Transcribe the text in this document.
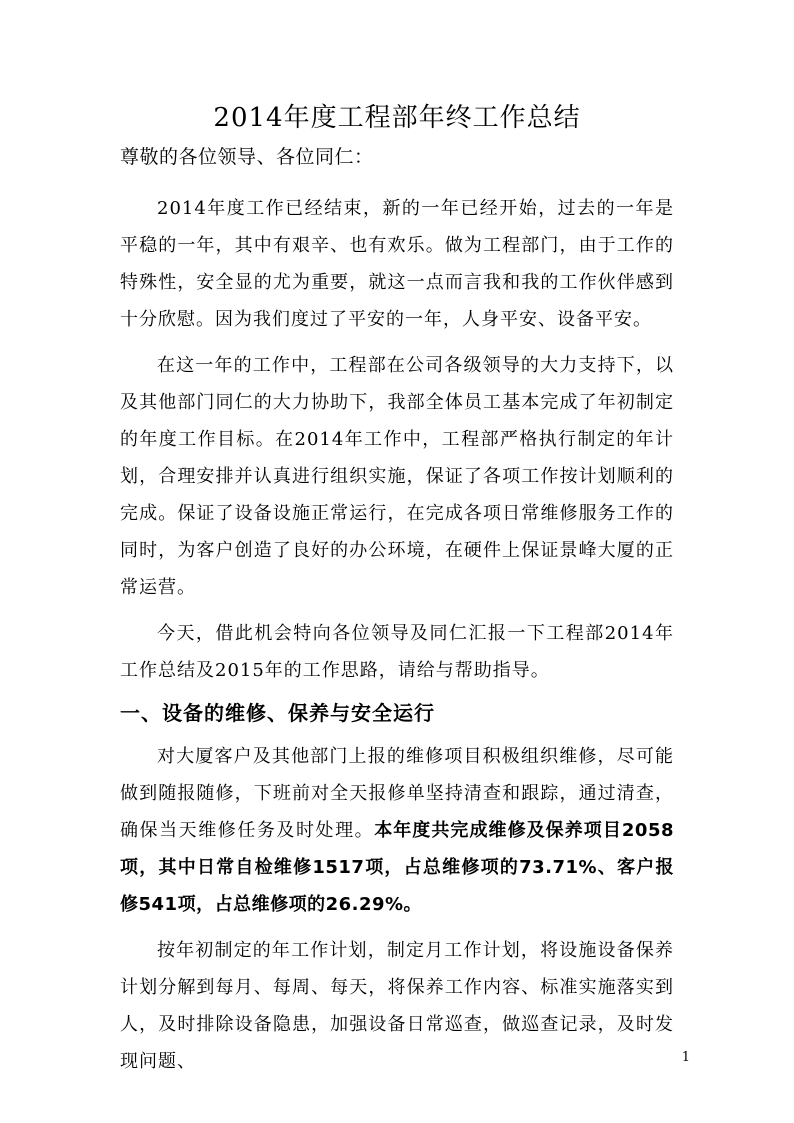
2014年度工程部年终工作总结

尊敬的各位领导、各位同仁：

2014年度工作已经结束，新的一年已经开始，过去的一年是平稳的一年，其中有艰辛、也有欢乐。做为工程部门，由于工作的特殊性，安全显的尤为重要，就这一点而言我和我的工作伙伴感到十分欣慰。因为我们度过了平安的一年，人身平安、设备平安。

在这一年的工作中，工程部在公司各级领导的大力支持下，以及其他部门同仁的大力协助下，我部全体员工基本完成了年初制定的年度工作目标。在2014年工作中，工程部严格执行制定的年计划，合理安排并认真进行组织实施，保证了各项工作按计划顺利的完成。保证了设备设施正常运行，在完成各项日常维修服务工作的同时，为客户创造了良好的办公环境，在硬件上保证景峰大厦的正常运营。

今天，借此机会特向各位领导及同仁汇报一下工程部2014年工作总结及2015年的工作思路，请给与帮助指导。

一、设备的维修、保养与安全运行

对大厦客户及其他部门上报的维修项目积极组织维修，尽可能做到随报随修，下班前对全天报修单坚持清查和跟踪，通过清查，确保当天维修任务及时处理。本年度共完成维修及保养项目2058项，其中日常自检维修1517项，占总维修项的73.71%、客户报修541项，占总维修项的26.29%。

按年初制定的年工作计划，制定月工作计划，将设施设备保养计划分解到每月、每周、每天，将保养工作内容、标准实施落实到人，及时排除设备隐患，加强设备日常巡查，做巡查记录，及时发现问题、	1
